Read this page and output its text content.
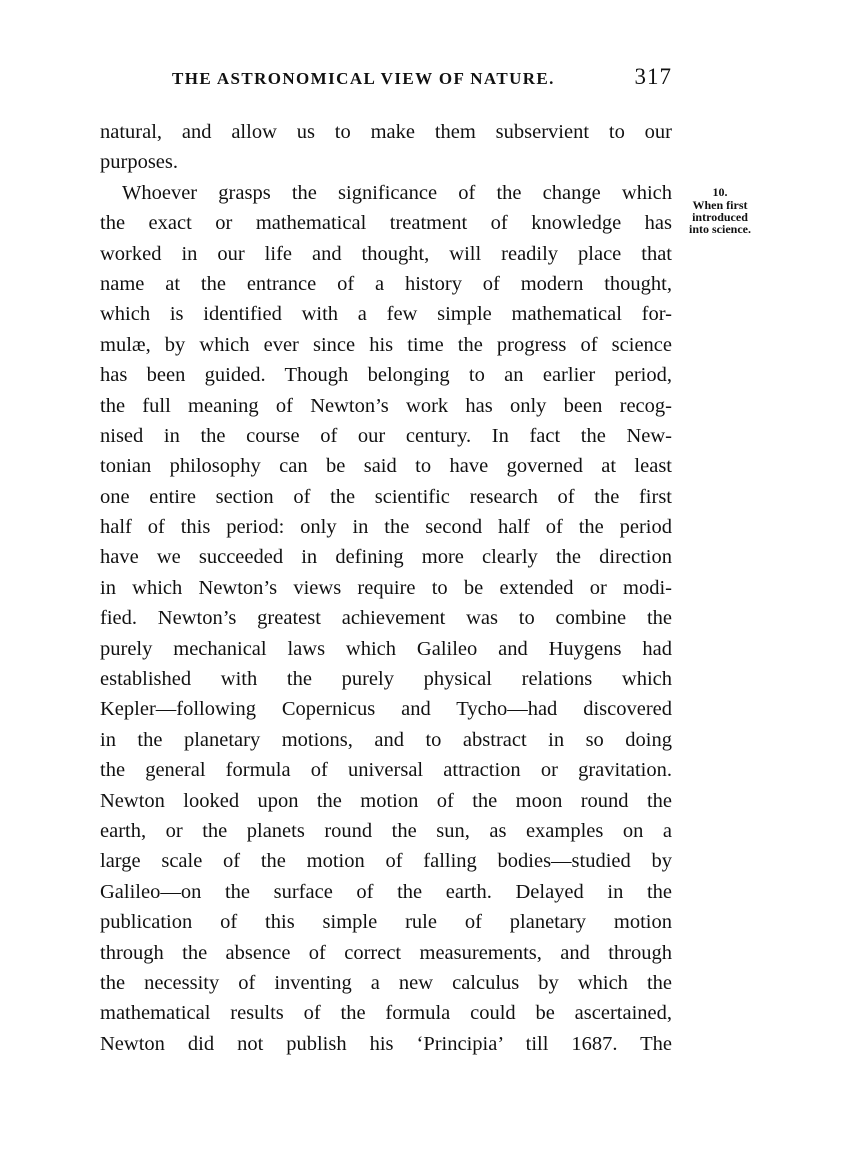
THE ASTRONOMICAL VIEW OF NATURE.	317
10.
When first
introduced
into science.
natural, and allow us to make them subservient to our
purposes.
Whoever grasps the significance of the change which
the exact or mathematical treatment of knowledge has
worked in our life and thought, will readily place that
name at the entrance of a history of modern thought,
which is identified with a few simple mathematical for-
mulæ, by which ever since his time the progress of science
has been guided. Though belonging to an earlier period,
the full meaning of Newton’s work has only been recog-
nised in the course of our century. In fact the New-
tonian philosophy can be said to have governed at least
one entire section of the scientific research of the first
half of this period: only in the second half of the period
have we succeeded in defining more clearly the direction
in which Newton’s views require to be extended or modi-
fied. Newton’s greatest achievement was to combine the
purely mechanical laws which Galileo and Huygens had
established with the purely physical relations which
Kepler—following Copernicus and Tycho—had discovered
in the planetary motions, and to abstract in so doing
the general formula of universal attraction or gravitation.
Newton looked upon the motion of the moon round the
earth, or the planets round the sun, as examples on a
large scale of the motion of falling bodies—studied by
Galileo—on the surface of the earth. Delayed in the
publication of this simple rule of planetary motion
through the absence of correct measurements, and through
the necessity of inventing a new calculus by which the
mathematical results of the formula could be ascertained,
Newton did not publish his ‘Principia’ till 1687. The
